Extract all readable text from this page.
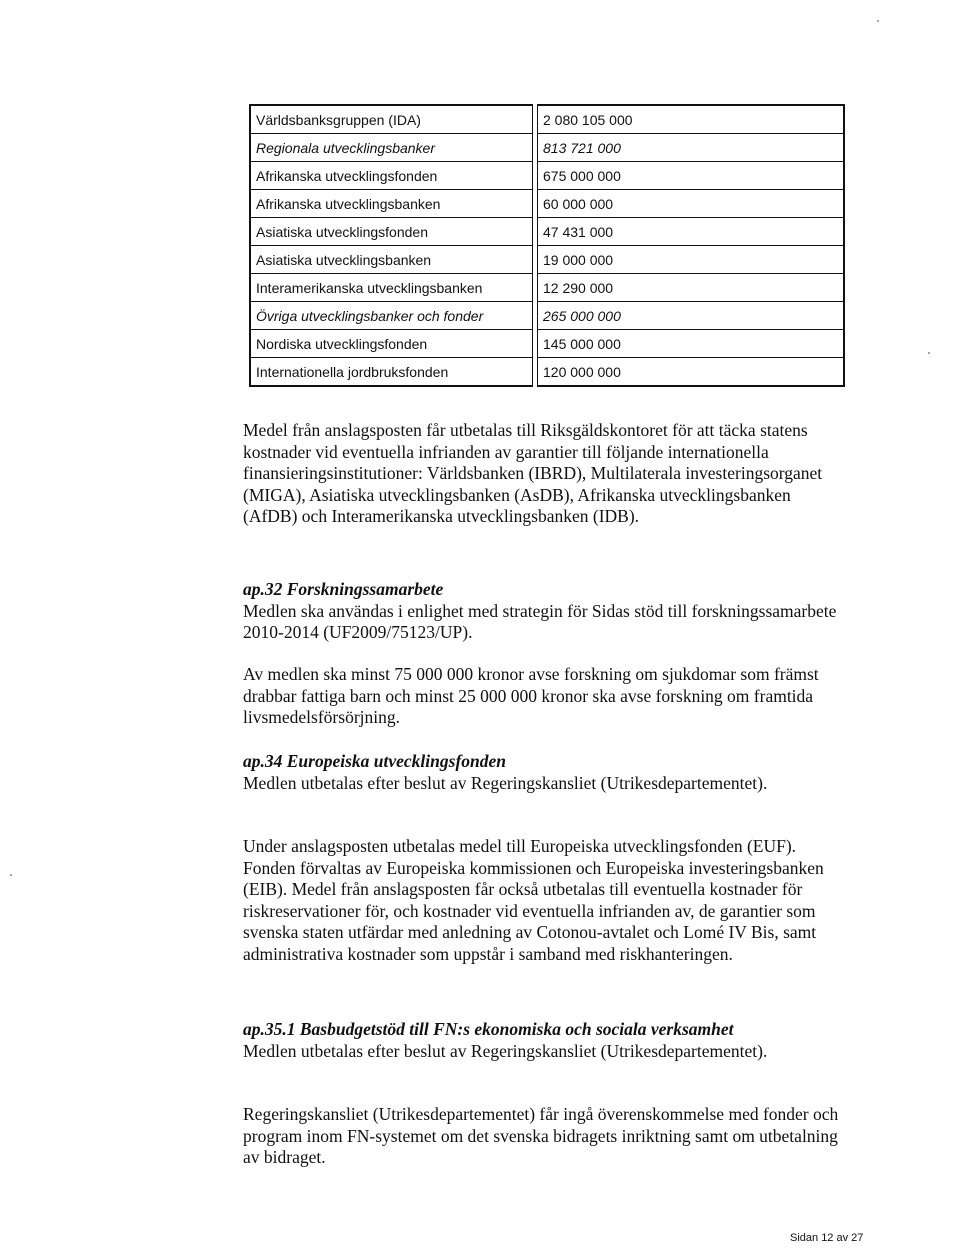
Världsbanksgruppen (IDA)		2 080 105 000
Regionala utvecklingsbanker		813 721 000
Afrikanska utvecklingsfonden		675 000 000
Afrikanska utvecklingsbanken		60 000 000
Asiatiska utvecklingsfonden		47 431 000
Asiatiska utvecklingsbanken		19 000 000
Interamerikanska utvecklingsbanken		12 290 000
Övriga utvecklingsbanker och fonder		265 000 000
Nordiska utvecklingsfonden		145 000 000
Internationella jordbruksfonden		120 000 000

Medel från anslagsposten får utbetalas till Riksgäldskontoret för att täcka statens kostnader vid eventuella infrianden av garantier till följande internationella finansieringsinstitutioner: Världsbanken (IBRD), Multilaterala investeringsorganet (MIGA), Asiatiska utvecklingsbanken (AsDB), Afrikanska utvecklingsbanken (AfDB) och Interamerikanska utvecklingsbanken (IDB).

ap.32 Forskningssamarbete
Medlen ska användas i enlighet med strategin för Sidas stöd till forskningssamarbete 2010-2014 (UF2009/75123/UP).

Av medlen ska minst 75 000 000 kronor avse forskning om sjukdomar som främst drabbar fattiga barn och minst 25 000 000 kronor ska avse forskning om framtida livsmedelsförsörjning.

ap.34 Europeiska utvecklingsfonden
Medlen utbetalas efter beslut av Regeringskansliet (Utrikesdepartementet).

Under anslagsposten utbetalas medel till Europeiska utvecklingsfonden (EUF). Fonden förvaltas av Europeiska kommissionen och Europeiska investeringsbanken (EIB). Medel från anslagsposten får också utbetalas till eventuella kostnader för riskreservationer för, och kostnader vid eventuella infrianden av, de garantier som svenska staten utfärdar med anledning av Cotonou-avtalet och Lomé IV Bis, samt administrativa kostnader som uppstår i samband med riskhanteringen.

ap.35.1 Basbudgetstöd till FN:s ekonomiska och sociala verksamhet
Medlen utbetalas efter beslut av Regeringskansliet (Utrikesdepartementet).

Regeringskansliet (Utrikesdepartementet) får ingå överenskommelse med fonder och program inom FN-systemet om det svenska bidragets inriktning samt om utbetalning av bidraget.

Sidan 12 av 27
